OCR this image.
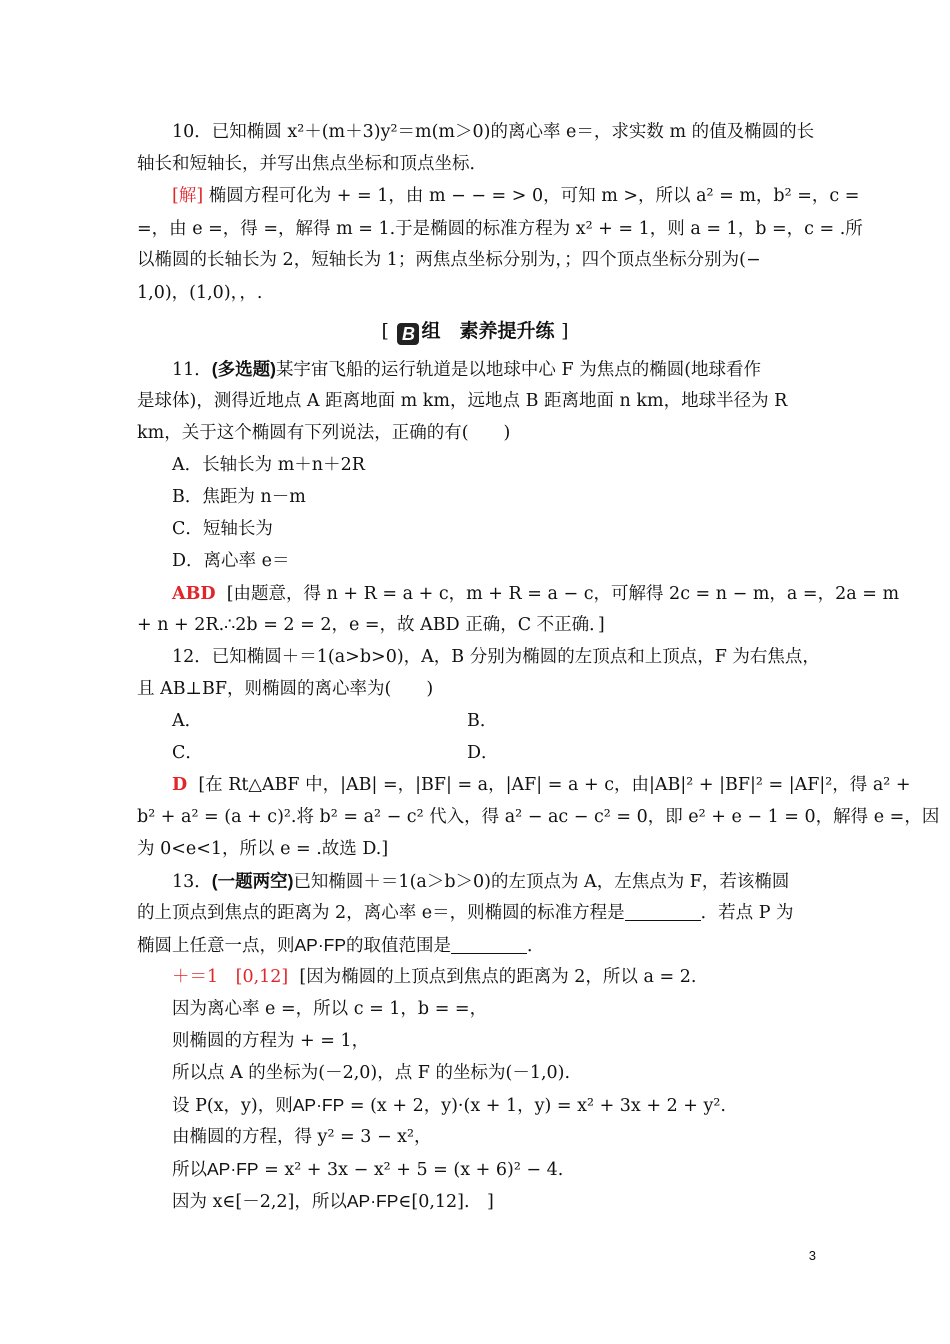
10．已知椭圆 x²＋(m＋3)y²＝m(m＞0)的离心率 e＝，求实数 m 的值及椭圆的长
轴长和短轴长，并写出焦点坐标和顶点坐标．
[解] 椭圆方程可化为 + = 1，由 m − − = > 0，可知 m >，所以 a² = m，b² =，c =
=，由 e =，得 =，解得 m = 1.于是椭圆的标准方程为 x² + = 1，则 a = 1，b =，c = .所
以椭圆的长轴长为 2，短轴长为 1；两焦点坐标分别为，；四个顶点坐标分别为(−
1,0)，(1,0)，，.
[ B 组　素养提升练 ]
11．(多选题)某宇宙飞船的运行轨道是以地球中心 F 为焦点的椭圆(地球看作
是球体)，测得近地点 A 距离地面 m km，远地点 B 距离地面 n km，地球半径为 R
km，关于这个椭圆有下列说法，正确的有(　　)
A．长轴长为 m＋n＋2R
B．焦距为 n－m
C．短轴长为
D．离心率 e＝
ABD [由题意，得 n + R = a + c，m + R = a − c，可解得 2c = n − m，a =，2a = m
+ n + 2R.∴2b = 2 = 2，e =，故 ABD 正确，C 不正确．]
12．已知椭圆＋＝1(a>b>0)，A，B 分别为椭圆的左顶点和上顶点，F 为右焦点，
且 AB⊥BF，则椭圆的离心率为(　　)
A．	B．
C．	D．
D [在 Rt△ABF 中，|AB| =，|BF| = a，|AF| = a + c，由|AB|² + |BF|² = |AF|²，得 a² +
b² + a² = (a + c)².将 b² = a² − c² 代入，得 a² − ac − c² = 0，即 e² + e − 1 = 0，解得 e =，因
为 0<e<1，所以 e = .故选 D.]
13．(一题两空)已知椭圆＋＝1(a＞b＞0)的左顶点为 A，左焦点为 F，若该椭圆
的上顶点到焦点的距离为 2，离心率 e＝，则椭圆的标准方程是	．若点 P 为
椭圆上任意一点，则AP·FP的取值范围是	．
＋＝1　[0,12] [因为椭圆的上顶点到焦点的距离为 2，所以 a = 2.
因为离心率 e =，所以 c = 1，b = =，
则椭圆的方程为 + = 1，
所以点 A 的坐标为(－2,0)，点 F 的坐标为(－1,0).
设 P(x，y)，则AP·FP = (x + 2，y)·(x + 1，y) = x² + 3x + 2 + y².
由椭圆的方程，得 y² = 3 − x²，
所以AP·FP = x² + 3x − x² + 5 = (x + 6)² − 4.
因为 x∈[－2,2]，所以AP·FP∈[0,12].　]
3
